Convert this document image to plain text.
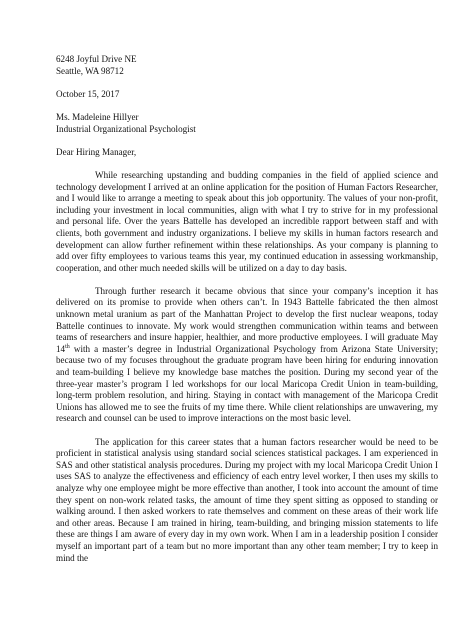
6248 Joyful Drive NE
Seattle, WA 98712
October 15, 2017
Ms. Madeleine Hillyer
Industrial Organizational Psychologist
Dear Hiring Manager,

While researching upstanding and budding companies in the field of applied science and technology development I arrived at an online application for the position of Human Factors Researcher, and I would like to arrange a meeting to speak about this job opportunity. The values of your non-profit, including your investment in local communities, align with what I try to strive for in my professional and personal life. Over the years Battelle has developed an incredible rapport between staff and with clients, both government and industry organizations. I believe my skills in human factors research and development can allow further refinement within these relationships. As your company is planning to add over fifty employees to various teams this year, my continued education in assessing workmanship, cooperation, and other much needed skills will be utilized on a day to day basis.

Through further research it became obvious that since your company’s inception it has delivered on its promise to provide when others can’t. In 1943 Battelle fabricated the then almost unknown metal uranium as part of the Manhattan Project to develop the first nuclear weapons, today Battelle continues to innovate. My work would strengthen communication within teams and between teams of researchers and insure happier, healthier, and more productive employees. I will graduate May 14th with a master’s degree in Industrial Organizational Psychology from Arizona State University; because two of my focuses throughout the graduate program have been hiring for enduring innovation and team-building I believe my knowledge base matches the position. During my second year of the three-year master’s program I led workshops for our local Maricopa Credit Union in team-building, long-term problem resolution, and hiring. Staying in contact with management of the Maricopa Credit Unions has allowed me to see the fruits of my time there. While client relationships are unwavering, my research and counsel can be used to improve interactions on the most basic level.

The application for this career states that a human factors researcher would be need to be proficient in statistical analysis using standard social sciences statistical packages. I am experienced in SAS and other statistical analysis procedures. During my project with my local Maricopa Credit Union I uses SAS to analyze the effectiveness and efficiency of each entry level worker, I then uses my skills to analyze why one employee might be more effective than another, I took into account the amount of time they spent on non-work related tasks, the amount of time they spent sitting as opposed to standing or walking around. I then asked workers to rate themselves and comment on these areas of their work life and other areas. Because I am trained in hiring, team-building, and bringing mission statements to life these are things I am aware of every day in my own work. When I am in a leadership position I consider myself an important part of a team but no more important than any other team member; I try to keep in mind the
